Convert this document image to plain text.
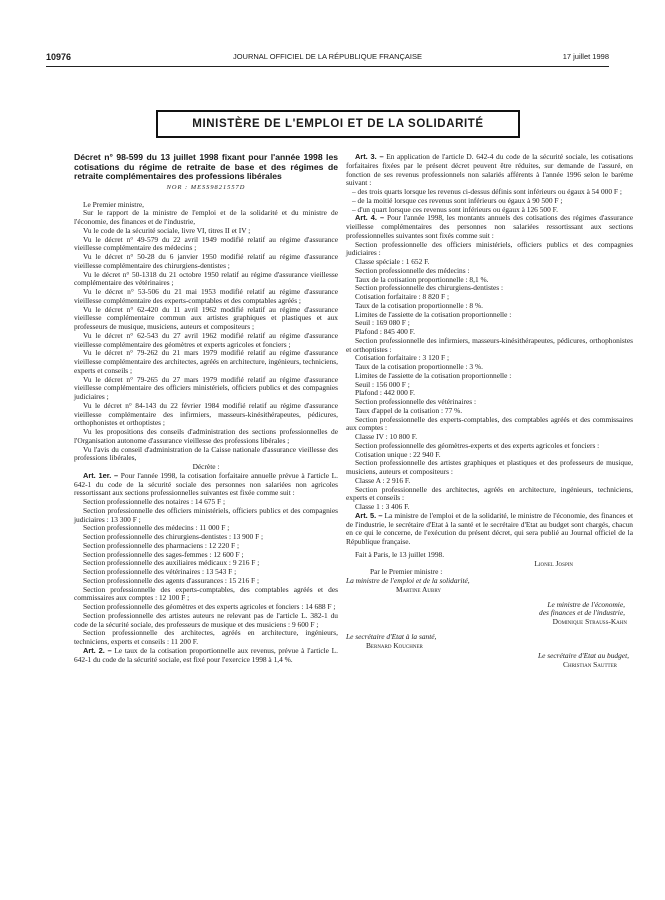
10976	JOURNAL OFFICIEL DE LA RÉPUBLIQUE FRANÇAISE	17 juillet 1998
MINISTÈRE DE L'EMPLOI ET DE LA SOLIDARITÉ

Décret n° 98-599 du 13 juillet 1998 fixant pour l'année 1998 les cotisations du régime de retraite de base et des régimes de retraite complémentaires des professions libérales

NOR : MESS9821557D

Le Premier ministre,

Sur le rapport de la ministre de l'emploi et de la solidarité et du ministre de l'économie, des finances et de l'industrie,

Vu le code de la sécurité sociale, livre VI, titres II et IV ;

Vu le décret n° 49-579 du 22 avril 1949 modifié relatif au régime d'assurance vieillesse complémentaire des médecins ;

Vu le décret n° 50-28 du 6 janvier 1950 modifié relatif au régime d'assurance vieillesse complémentaire des chirurgiens-dentistes ;

Vu le décret n° 50-1318 du 21 octobre 1950 relatif au régime d'assurance vieillesse complémentaire des vétérinaires ;

Vu le décret n° 53-506 du 21 mai 1953 modifié relatif au régime d'assurance vieillesse complémentaire des experts-comptables et des comptables agréés ;

Vu le décret n° 62-420 du 11 avril 1962 modifié relatif au régime d'assurance vieillesse complémentaire commun aux artistes graphiques et plastiques et aux professeurs de musique, musiciens, auteurs et compositeurs ;

Vu le décret n° 62-543 du 27 avril 1962 modifié relatif au régime d'assurance vieillesse complémentaire des géomètres et experts agricoles et fonciers ;

Vu le décret n° 79-262 du 21 mars 1979 modifié relatif au régime d'assurance vieillesse complémentaire des architectes, agréés en architecture, ingénieurs, techniciens, experts et conseils ;

Vu le décret n° 79-265 du 27 mars 1979 modifié relatif au régime d'assurance vieillesse complémentaire des officiers ministériels, officiers publics et des compagnies judiciaires ;

Vu le décret n° 84-143 du 22 février 1984 modifié relatif au régime d'assurance vieillesse complémentaire des infirmiers, masseurs-kinésithérapeutes, pédicures, orthophonistes et orthoptistes ;

Vu les propositions des conseils d'administration des sections professionnelles de l'Organisation autonome d'assurance vieillesse des professions libérales ;

Vu l'avis du conseil d'administration de la Caisse nationale d'assurance vieillesse des professions libérales,

Décrète :

Art. 1er. – Pour l'année 1998, la cotisation forfaitaire annuelle prévue à l'article L. 642-1 du code de la sécurité sociale des personnes non salariées non agricoles ressortissant aux sections professionnelles suivantes est fixée comme suit :

Section professionnelle des notaires : 14 675 F ;

Section professionnelle des officiers ministériels, officiers publics et des compagnies judiciaires : 13 300 F ;

Section professionnelle des médecins : 11 000 F ;

Section professionnelle des chirurgiens-dentistes : 13 900 F ;

Section professionnelle des pharmaciens : 12 220 F ;

Section professionnelle des sages-femmes : 12 600 F ;

Section professionnelle des auxiliaires médicaux : 9 216 F ;

Section professionnelle des vétérinaires : 13 543 F ;

Section professionnelle des agents d'assurances : 15 216 F ;

Section professionnelle des experts-comptables, des comptables agréés et des commissaires aux comptes : 12 100 F ;

Section professionnelle des géomètres et des experts agricoles et fonciers : 14 688 F ;

Section professionnelle des artistes auteurs ne relevant pas de l'article L. 382-1 du code de la sécurité sociale, des professeurs de musique et des musiciens : 9 600 F ;

Section professionnelle des architectes, agréés en architecture, ingénieurs, techniciens, experts et conseils : 11 200 F.

Art. 2. – Le taux de la cotisation proportionnelle aux revenus, prévue à l'article L. 642-1 du code de la sécurité sociale, est fixé pour l'exercice 1998 à 1,4 %.

Art. 3. – En application de l'article D. 642-4 du code de la sécurité sociale, les cotisations forfaitaires fixées par le présent décret peuvent être réduites, sur demande de l'assuré, en fonction de ses revenus professionnels non salariés afférents à l'année 1996 selon le barème suivant :

– des trois quarts lorsque les revenus ci-dessus définis sont inférieurs ou égaux à 54 000 F ;

– de la moitié lorsque ces revenus sont inférieurs ou égaux à 90 500 F ;

– d'un quart lorsque ces revenus sont inférieurs ou égaux à 126 500 F.

Art. 4. – Pour l'année 1998, les montants annuels des cotisations des régimes d'assurance vieillesse complémentaires des personnes non salariées ressortissant aux sections professionnelles suivantes sont fixés comme suit :

Section professionnelle des officiers ministériels, officiers publics et des compagnies judiciaires :

Classe spéciale : 1 652 F.

Section professionnelle des médecins :

Taux de la cotisation proportionnelle : 8,1 %.

Section professionnelle des chirurgiens-dentistes :

Cotisation forfaitaire : 8 820 F ;

Taux de la cotisation proportionnelle : 8 %.

Limites de l'assiette de la cotisation proportionnelle :

Seuil : 169 080 F ;

Plafond : 845 400 F.

Section professionnelle des infirmiers, masseurs-kinésithérapeutes, pédicures, orthophonistes et orthoptistes :

Cotisation forfaitaire : 3 120 F ;

Taux de la cotisation proportionnelle : 3 %.

Limites de l'assiette de la cotisation proportionnelle :

Seuil : 156 000 F ;

Plafond : 442 000 F.

Section professionnelle des vétérinaires :

Taux d'appel de la cotisation : 77 %.

Section professionnelle des experts-comptables, des comptables agréés et des commissaires aux comptes :

Classe IV : 10 800 F.

Section professionnelle des géomètres-experts et des experts agricoles et fonciers :

Cotisation unique : 22 940 F.

Section professionnelle des artistes graphiques et plastiques et des professeurs de musique, musiciens, auteurs et compositeurs :

Classe A : 2 916 F.

Section professionnelle des architectes, agréés en architecture, ingénieurs, techniciens, experts et conseils :

Classe 1 : 3 406 F.

Art. 5. – La ministre de l'emploi et de la solidarité, le ministre de l'économie, des finances et de l'industrie, le secrétaire d'Etat à la santé et le secrétaire d'Etat au budget sont chargés, chacun en ce qui le concerne, de l'exécution du présent décret, qui sera publié au Journal officiel de la République française.

Fait à Paris, le 13 juillet 1998.

Lionel Jospin

Par le Premier ministre :

La ministre de l'emploi et de la solidarité,

Martine Aubry

Le ministre de l'économie,

des finances et de l'industrie,

Dominique Strauss-Kahn

Le secrétaire d'Etat à la santé,

Bernard Kouchner

Le secrétaire d'Etat au budget,

Christian Sautter
